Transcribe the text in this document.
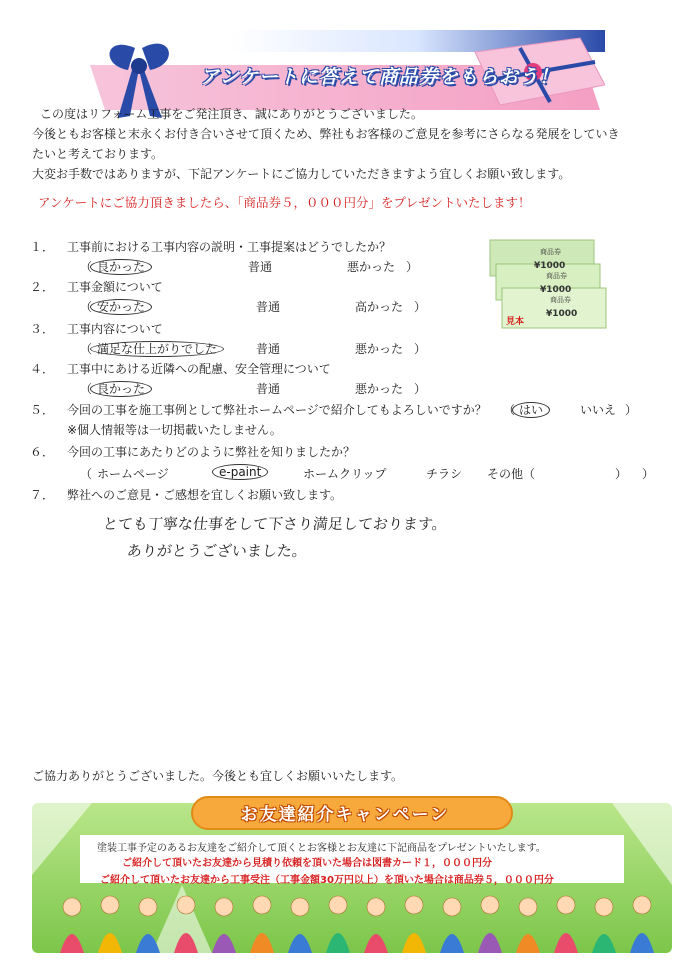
アンケートに答えて商品券をもらおう！
この度はリフォーム工事をご発注頂き、誠にありがとうございました。
今後ともお客様と末永くお付き合いさせて頂くため、弊社もお客様のご意見を参考にさらなる発展をしていき
たいと考えております。
大変お手数ではありますが、下記アンケートにご協力していただきますよう宜しくお願い致します。
アンケートにご協力頂きましたら、「商品券５，０００円分」をプレゼントいたします！
１． 工事前における工事内容の説明・工事提案はどうでしたか？
（ 良かった	普通	悪かった ）
２． 工事金額について
（ 安かった	普通	高かった ）
３． 工事内容について
（ 満足な仕上がりでした	普通	悪かった ）
４． 工事中にあける近隣への配慮、安全管理について
（ 良かった	普通	悪かった ）
５． 今回の工事を施工事例として弊社ホームページで紹介してもよろしいですか？ （ はい	いいえ ）
※個人情報等は一切掲載いたしません。
６． 今回の工事にあたりどのように弊社を知りましたか？
（ ホームページ	e-paint	ホームクリップ	チラシ その他（	） ）
７． 弊社へのご意見・ご感想を宜しくお願い致します。
とても丁寧な仕事をして下さり満足しております。
ありがとうございました。
商品券
¥1000
商品券
¥1000
商品券
¥1000
見本
ご協力ありがとうございました。今後とも宜しくお願いいたします。
お友達紹介キャンペーン
塗装工事予定のあるお友達をご紹介して頂くとお客様とお友達に下記商品をプレゼントいたします。
ご紹介して頂いたお友達から見積り依頼を頂いた場合は図書カード１，０００円分
ご紹介して頂いたお友達から工事受注（工事金額30万円以上）を頂いた場合は商品券５，０００円分
